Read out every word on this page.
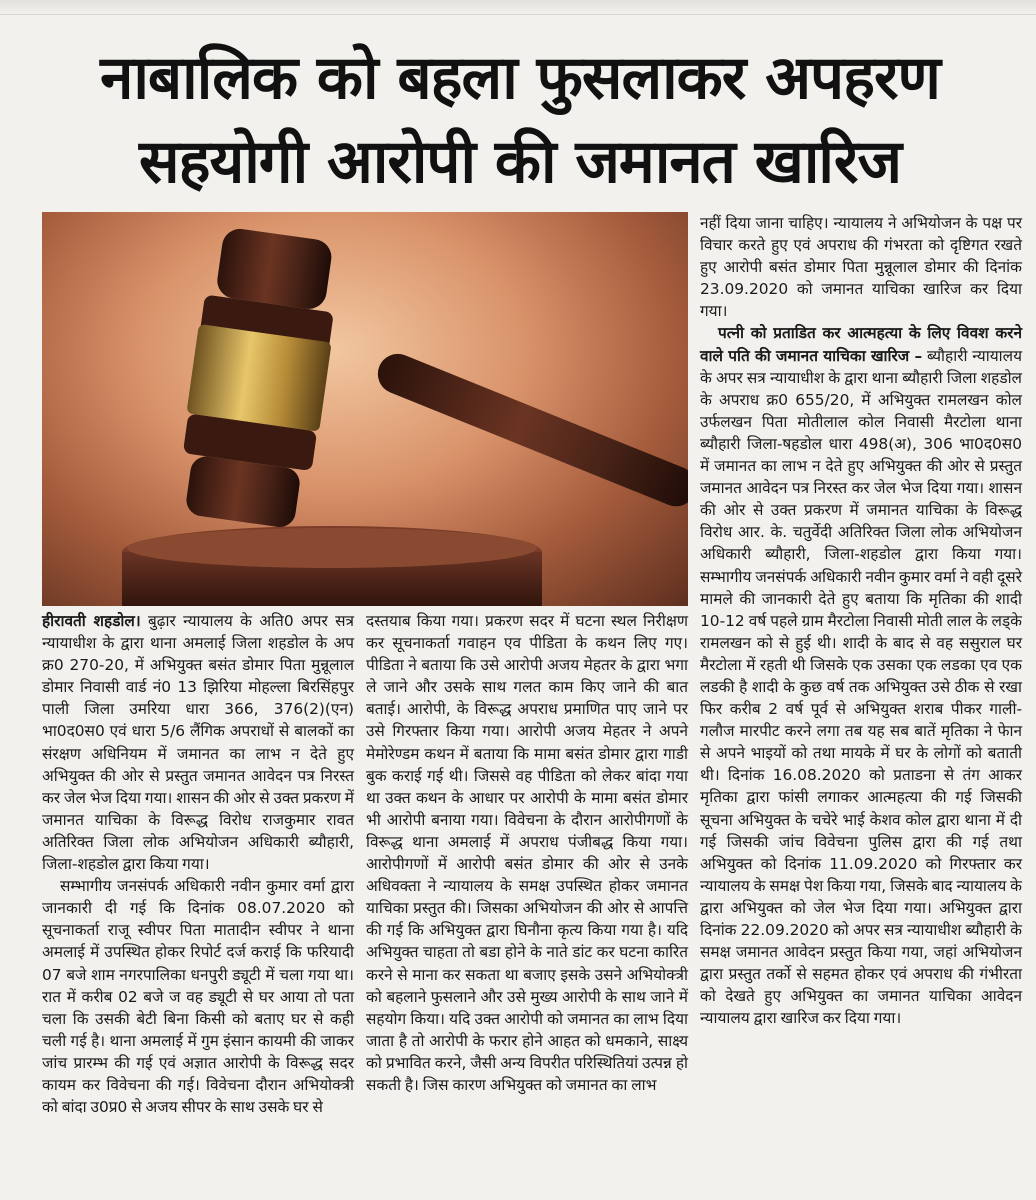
नाबालिक को बहला फुसलाकर अपहरण
सहयोगी आरोपी की जमानत खारिज

हीरावती शहडोल। बुढ़ार न्यायालय के अति0 अपर सत्र न्यायाधीश के द्वारा थाना अमलाई जिला शहडोल के अप क्र0 270-20, में अभियुक्त बसंत डोमार पिता मुन्नूलाल डोमार निवासी वार्ड नं0 13 झिरिया मोहल्ला बिरसिंहपुर पाली जिला उमरिया धारा 366, 376(2)(एन) भा0द0स0 एवं धारा 5/6 लैंगिक अपराधों से बालकों का संरक्षण अधिनियम में जमानत का लाभ न देते हुए अभियुक्त की ओर से प्रस्तुत जमानत आवेदन पत्र निरस्त कर जेल भेज दिया गया। शासन की ओर से उक्त प्रकरण में जमानत याचिका के विरूद्ध विरोध राजकुमार रावत अतिरिक्त जिला लोक अभियोजन अधिकारी ब्यौहारी, जिला-शहडोल द्वारा किया गया।

सम्भागीय जनसंपर्क अधिकारी नवीन कुमार वर्मा द्वारा जानकारी दी गई कि दिनांक 08.07.2020 को सूचनाकर्ता राजू स्वीपर पिता मातादीन स्वीपर ने थाना अमलाई में उपस्थित होकर रिपोर्ट दर्ज कराई कि फरियादी 07 बजे शाम नगरपालिका धनपुरी ड्यूटी में चला गया था। रात में करीब 02 बजे ज वह ड्यूटी से घर आया तो पता चला कि उसकी बेटी बिना किसी को बताए घर से कही चली गई है। थाना अमलाई में गुम इंसान कायमी की जाकर जांच प्रारम्भ की गई एवं अज्ञात आरोपी के विरूद्ध सदर कायम कर विवेचना की गई। विवेचना दौरान अभियोक्त्री को बांदा उ0प्र0 से अजय सीपर के साथ उसके घर से

दस्तयाब किया गया। प्रकरण सदर में घटना स्थल निरीक्षण कर सूचनाकर्ता गवाहन एव पीडिता के कथन लिए गए। पीडिता ने बताया कि उसे आरोपी अजय मेहतर के द्वारा भगा ले जाने और उसके साथ गलत काम किए जाने की बात बताई। आरोपी, के विरूद्ध अपराध प्रमाणित पाए जाने पर उसे गिरफ्तार किया गया। आरोपी अजय मेहतर ने अपने मेमोरेण्डम कथन में बताया कि मामा बसंत डोमार द्वारा गाडी बुक कराई गई थी। जिससे वह पीडिता को लेकर बांदा गया था उक्त कथन के आधार पर आरोपी के मामा बसंत डोमार भी आरोपी बनाया गया। विवेचना के दौरान आरोपीगणों के विरूद्ध थाना अमलाई में अपराध पंजीबद्ध किया गया। आरोपीगणों में आरोपी बसंत डोमार की ओर से उनके अधिवक्ता ने न्यायालय के समक्ष उपस्थित होकर जमानत याचिका प्रस्तुत की। जिसका अभियोजन की ओर से आपत्ति की गई कि अभियुक्त द्वारा घिनौना कृत्य किया गया है। यदि अभियुक्त चाहता तो बडा होने के नाते डांट कर घटना कारित करने से माना कर सकता था बजाए इसके उसने अभियोक्त्री को बहलाने फुसलाने और उसे मुख्य आरोपी के साथ जाने में सहयोग किया। यदि उक्त आरोपी को जमानत का लाभ दिया जाता है तो आरोपी के फरार होने आहत को धमकाने, साक्ष्य को प्रभावित करने, जैसी अन्य विपरीत परिस्थितियां उत्पन्न हो सकती है। जिस कारण अभियुक्त को जमानत का लाभ

नहीं दिया जाना चाहिए। न्यायालय ने अभियोजन के पक्ष पर विचार करते हुए एवं अपराध की गंभरता को दृष्टिगत रखते हुए आरोपी बसंत डोमार पिता मुन्नूलाल डोमार की दिनांक 23.09.2020 को जमानत याचिका खारिज कर दिया गया।

पत्नी को प्रताडित कर आत्महत्या के लिए विवश करने वाले पति की जमानत याचिका खारिज – ब्यौहारी न्यायालय के अपर सत्र न्यायाधीश के द्वारा थाना ब्यौहारी जिला शहडोल के अपराध क्र0 655/20, में अभियुक्त रामलखन कोल उर्फलखन पिता मोतीलाल कोल निवासी मैरटोला थाना ब्यौहारी जिला-षहडोल धारा 498(अ), 306 भा0द0स0 में जमानत का लाभ न देते हुए अभियुक्त की ओर से प्रस्तुत जमानत आवेदन पत्र निरस्त कर जेल भेज दिया गया। शासन की ओर से उक्त प्रकरण में जमानत याचिका के विरूद्ध विरोध आर. के. चतुर्वेदी अतिरिक्त जिला लोक अभियोजन अधिकारी ब्यौहारी, जिला-शहडोल द्वारा किया गया। सम्भागीय जनसंपर्क अधिकारी नवीन कुमार वर्मा ने वही दूसरे मामले की जानकारी देते हुए बताया कि मृतिका की शादी 10-12 वर्ष पहले ग्राम मैरटोला निवासी मोती लाल के लड्के रामलखन को से हुई थी। शादी के बाद से वह ससुराल घर मैरटोला में रहती थी जिसके एक उसका एक लडका एव एक लडकी है शादी के कुछ वर्ष तक अभियुक्त उसे ठीक से रखा फिर करीब 2 वर्ष पूर्व से अभियुक्त शराब पीकर गाली-गलौज मारपीट करने लगा तब यह सब बातें मृतिका ने फेान से अपने भाइयों को तथा मायके में घर के लोगों को बताती थी। दिनांक 16.08.2020 को प्रताडना से तंग आकर मृतिका द्वारा फांसी लगाकर आत्महत्या की गई जिसकी सूचना अभियुक्त के चचेरे भाई केशव कोल द्वारा थाना में दी गई जिसकी जांच विवेचना पुलिस द्वारा की गई तथा अभियुक्त को दिनांक 11.09.2020 को गिरफ्तार कर न्यायालय के समक्ष पेश किया गया, जिसके बाद न्यायालय के द्वारा अभियुक्त को जेल भेज दिया गया। अभियुक्त द्वारा दिनांक 22.09.2020 को अपर सत्र न्यायाधीश ब्यौहारी के समक्ष जमानत आवेदन प्रस्तुत किया गया, जहां अभियोजन द्वारा प्रस्तुत तर्को से सहमत होकर एवं अपराध की गंभीरता को देखते हुए अभियुक्त का जमानत याचिका आवेदन न्यायालय द्वारा खारिज कर दिया गया।
